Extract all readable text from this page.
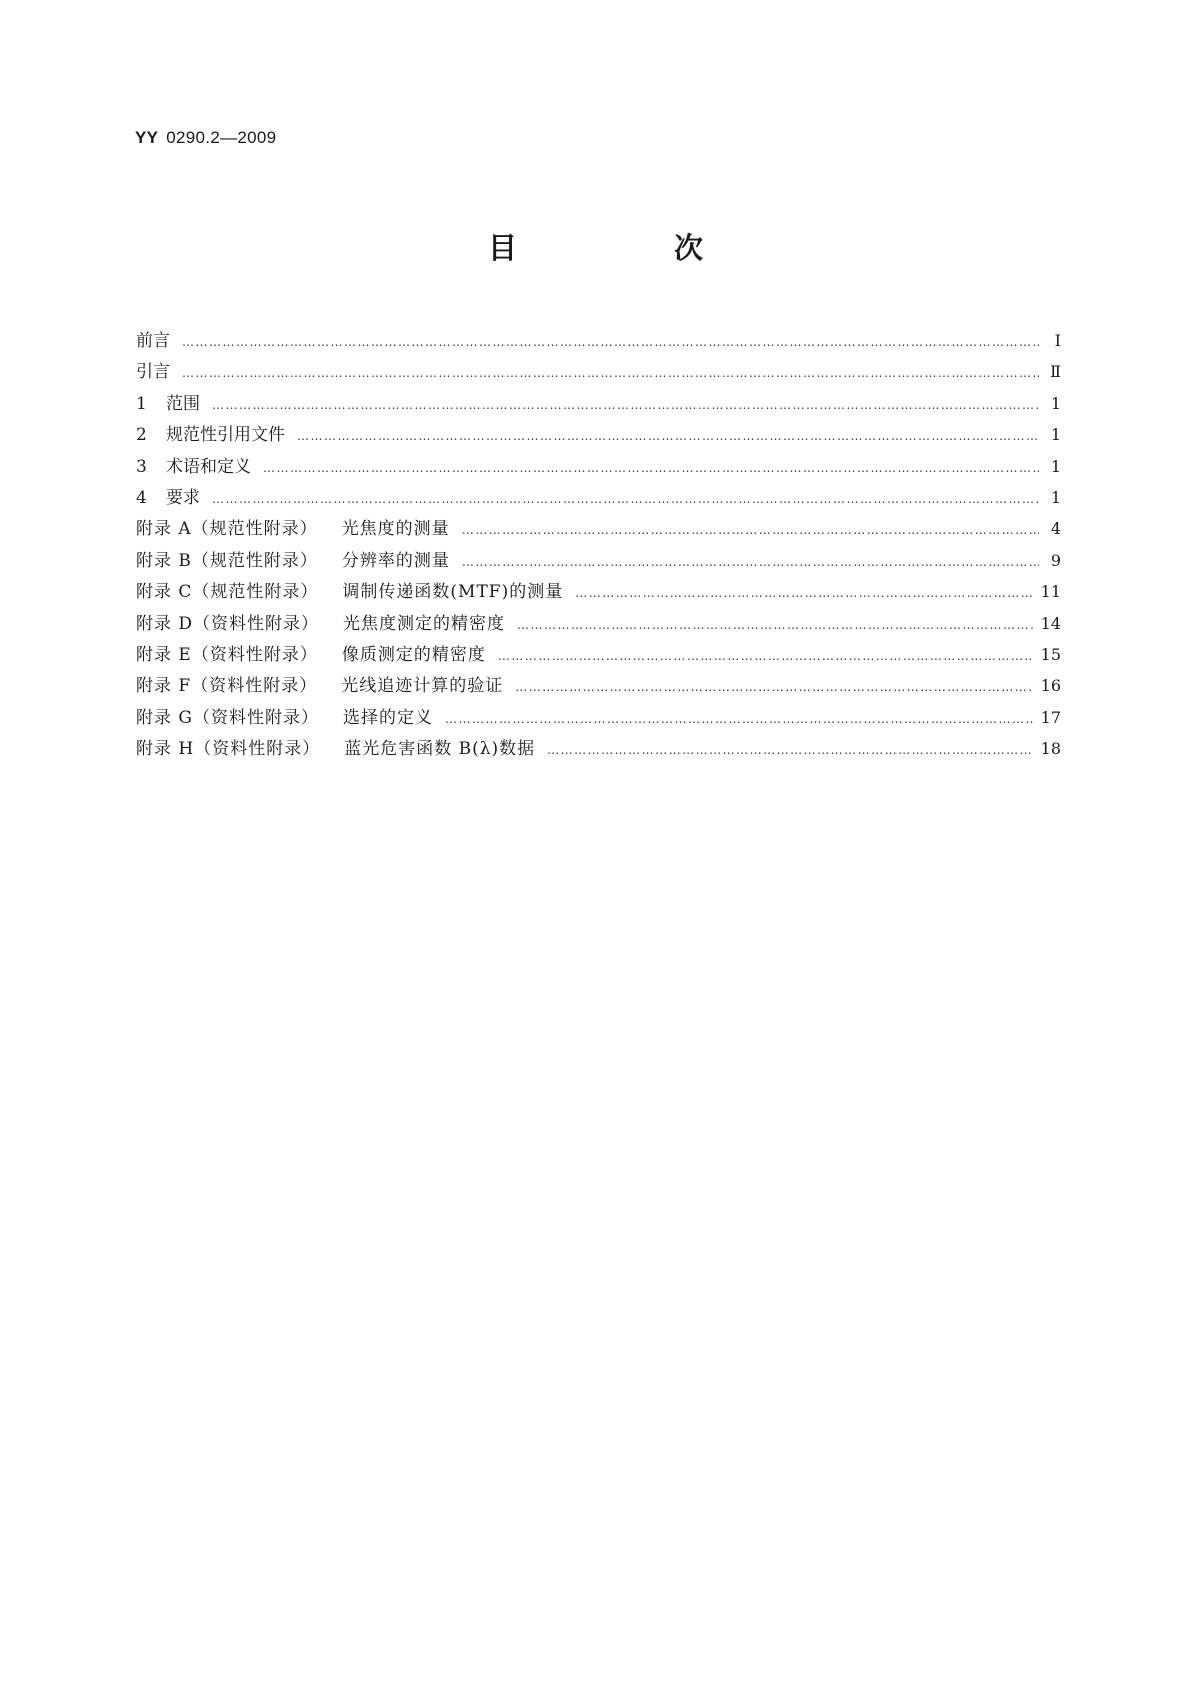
YY 0290.2—2009
目　次
前言 …………………………………………………………………………………………………………………………………………………………………………………………	Ⅰ
引言 …………………………………………………………………………………………………………………………………………………………………………………………	Ⅱ
1 范围 …………………………………………………………………………………………………………………………………………………………………………………………	1
2 规范性引用文件 …………………………………………………………………………………………………………………………………………………………………………………………	1
3 术语和定义 …………………………………………………………………………………………………………………………………………………………………………………………	1
4 要求 …………………………………………………………………………………………………………………………………………………………………………………………	1
附录 A（规范性附录） 光焦度的测量 …………………………………………………………………………………………………………………………………………………………………………………………	4
附录 B（规范性附录） 分辨率的测量 …………………………………………………………………………………………………………………………………………………………………………………………	9
附录 C（规范性附录） 调制传递函数(MTF)的测量 …………………………………………………………………………………………………………………………………………………………………………………………	11
附录 D（资料性附录） 光焦度测定的精密度 …………………………………………………………………………………………………………………………………………………………………………………………	14
附录 E（资料性附录） 像质测定的精密度 …………………………………………………………………………………………………………………………………………………………………………………………	15
附录 F（资料性附录） 光线追迹计算的验证 …………………………………………………………………………………………………………………………………………………………………………………………	16
附录 G（资料性附录） 选择的定义 …………………………………………………………………………………………………………………………………………………………………………………………	17
附录 H（资料性附录） 蓝光危害函数 B(λ)数据 …………………………………………………………………………………………………………………………………………………………………………………………	18
